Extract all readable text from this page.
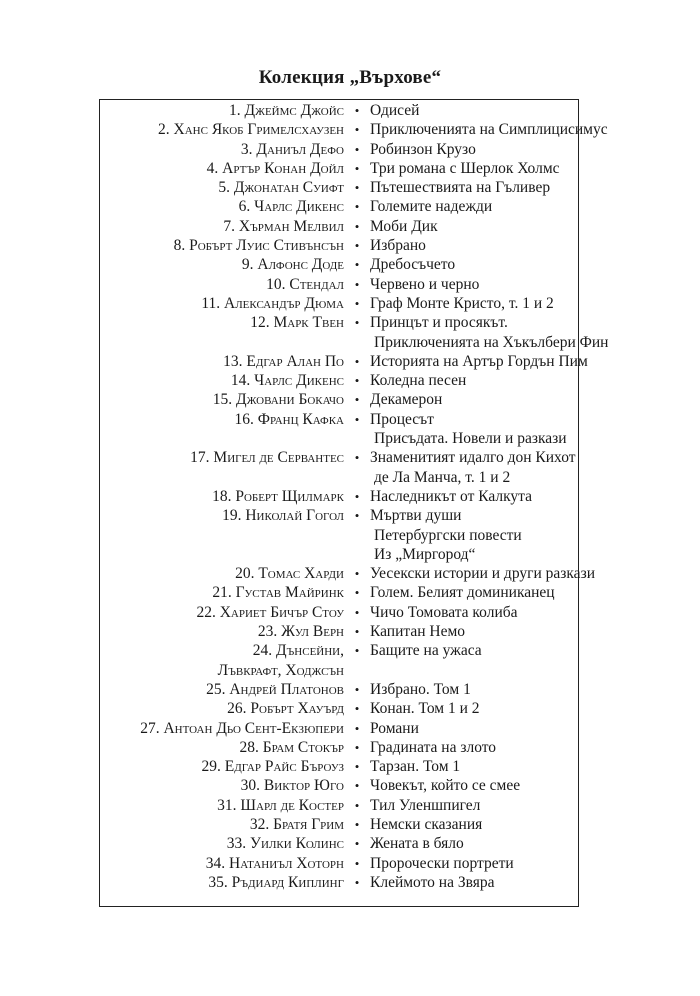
Колекция „Върхове“
1. Джеймс Джойс • Одисей
2. Ханс Якоб Гримелсхаузен • Приключенията на Симплицисимус
3. Даниъл Дефо • Робинзон Крузо
4. Артър Конан Дойл • Три романа с Шерлок Холмс
5. Джонатан Суифт • Пътешествията на Гъливер
6. Чарлс Дикенс • Големите надежди
7. Хърман Мелвил • Моби Дик
8. Робърт Луис Стивънсън • Избрано
9. Алфонс Доде • Дребосъчето
10. Стендал • Червено и черно
11. Александър Дюма • Граф Монте Кристо, т. 1 и 2
12. Марк Твен • Принцът и просякът.
Приключенията на Хъкълбери Фин
13. Едгар Алан По • Историята на Артър Гордън Пим
14. Чарлс Дикенс • Коледна песен
15. Джовани Бокачо • Декамерон
16. Франц Кафка • Процесът
Присъдата. Новели и разкази
17. Мигел де Сервантес • Знаменитият идалго дон Кихот
де Ла Манча, т. 1 и 2
18. Роберт Щилмарк • Наследникът от Калкута
19. Николай Гогол • Мъртви души
Петербургски повести
Из „Миргород“
20. Томас Харди • Уесекски истории и други разкази
21. Густав Майринк • Голем. Белият доминиканец
22. Хариет Бичър Стоу • Чичо Томовата колиба
23. Жул Верн • Капитан Немо
24. Дънсейни,
Лъвкрафт, Ходжсън
• Бащите на ужаса
25. Андрей Платонов • Избрано. Том 1
26. Робърт Хауърд • Конан. Том 1 и 2
27. Антоан Дьо Сент-Екзюпери • Романи
28. Брам Стокър • Градината на злото
29. Едгар Райс Бъроуз • Тарзан. Том 1
30. Виктор Юго • Човекът, който се смее
31. Шарл де Костер • Тил Уленшпигел
32. Братя Грим • Немски сказания
33. Уилки Колинс • Жената в бяло
34. Натаниъл Хоторн • Пророчески портрети
35. Ръдиард Киплинг • Клеймото на Звяра
